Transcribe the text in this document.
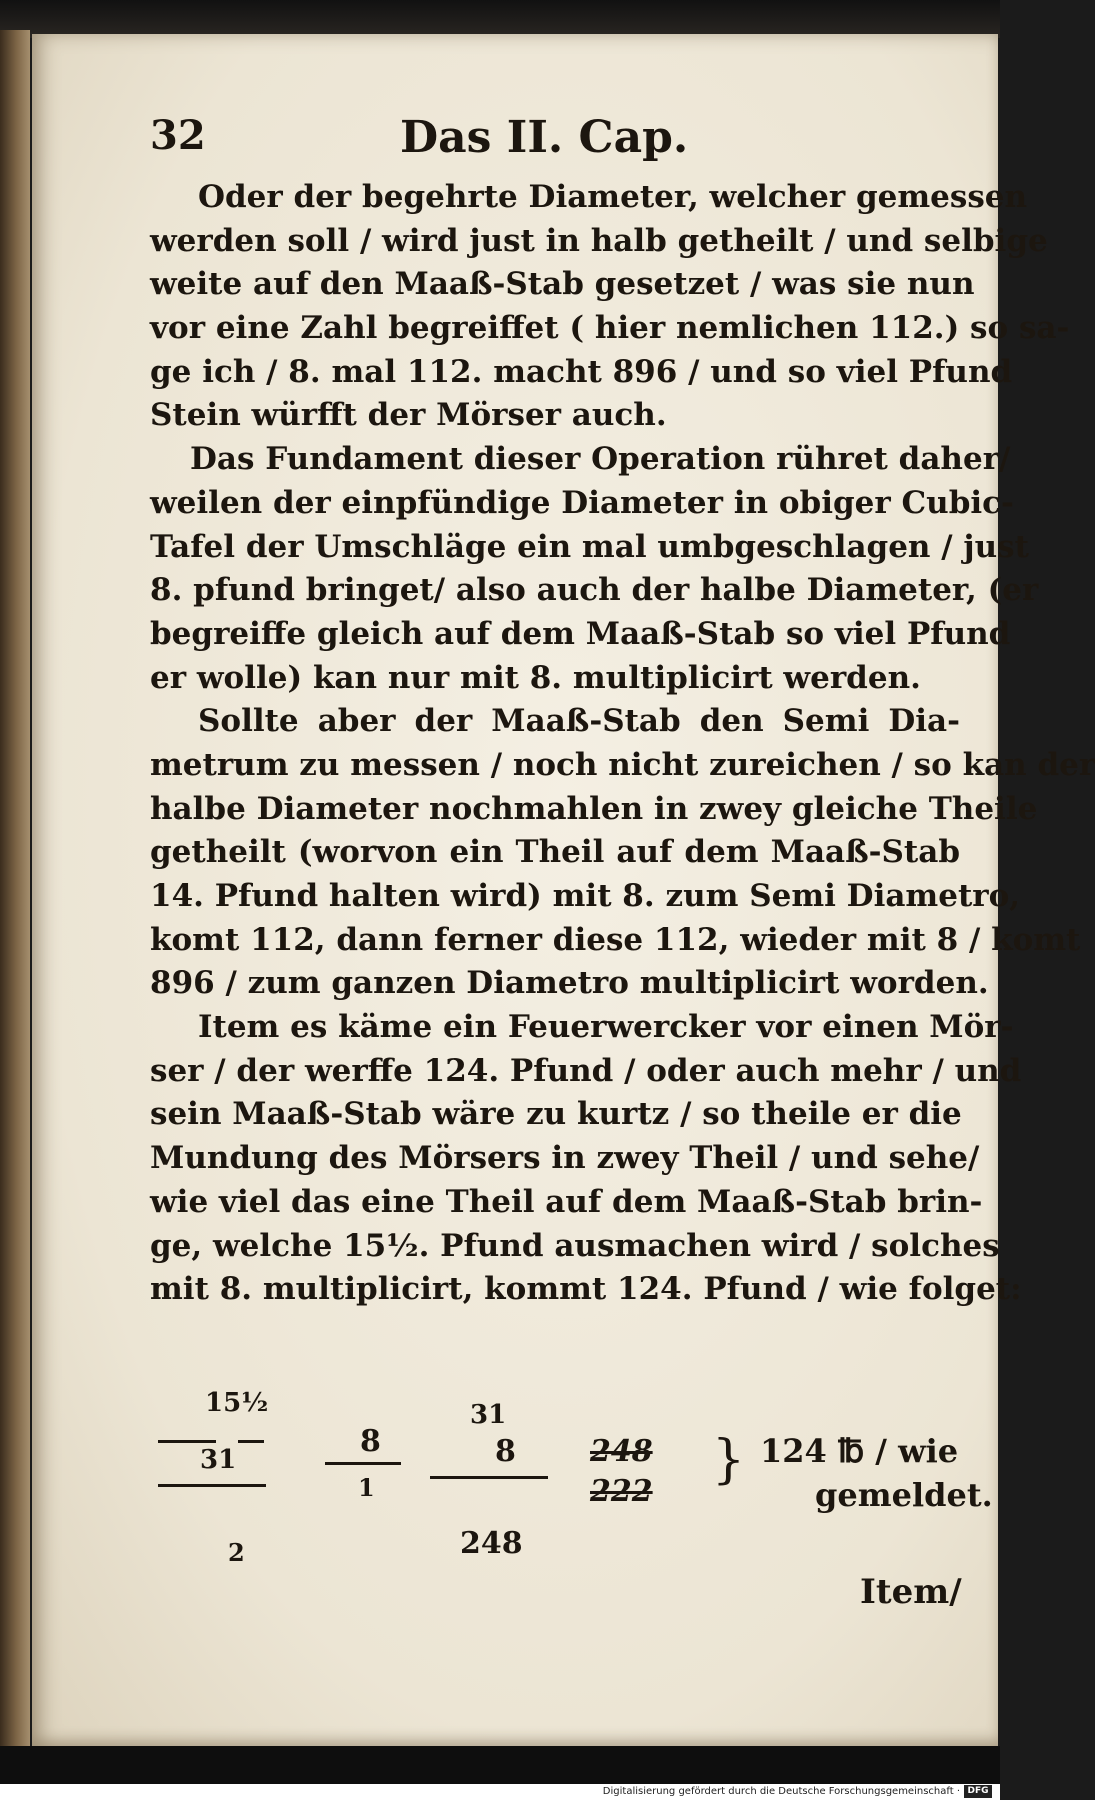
32	Das II. Cap.
Oder der begehrte Diameter, welcher gemessen
werden soll / wird just in halb getheilt / und selbige
weite auf den Maaß-Stab gesetzet / was sie nun
vor eine Zahl begreiffet ( hier nemlichen 112.) so sa-
ge ich / 8. mal 112. macht 896 / und so viel Pfund
Stein würfft der Mörser auch.
Das Fundament dieser Operation rühret daher/
weilen der einpfündige Diameter in obiger Cubic-
Tafel der Umschläge ein mal umbgeschlagen / just
8. pfund bringet/ also auch der halbe Diameter, (er
begreiffe gleich auf dem Maaß-Stab so viel Pfund
er wolle) kan nur mit 8. multiplicirt werden.
Sollte aber der Maaß-Stab den Semi Dia-
metrum zu messen / noch nicht zureichen / so kan der
halbe Diameter nochmahlen in zwey gleiche Theile
getheilt (worvon ein Theil auf dem Maaß-Stab
14. Pfund halten wird) mit 8. zum Semi Diametro,
komt 112, dann ferner diese 112, wieder mit 8 / komt
896 / zum ganzen Diametro multiplicirt worden.
Item es käme ein Feuerwercker vor einen Mör-
ser / der werffe 124. Pfund / oder auch mehr / und
sein Maaß-Stab wäre zu kurtz / so theile er die
Mundung des Mörsers in zwey Theil / und sehe/
wie viel das eine Theil auf dem Maaß-Stab brin-
ge, welche 15½. Pfund ausmachen wird / solches
mit 8. multiplicirt, kommt 124. Pfund / wie folget:
15½
31
2
8
1
31
8
248
248
222
} 124 ℔ / wie
gemeldet.
Item/
Digitalisierung gefördert durch die Deutsche Forschungsgemeinschaft · DFG
